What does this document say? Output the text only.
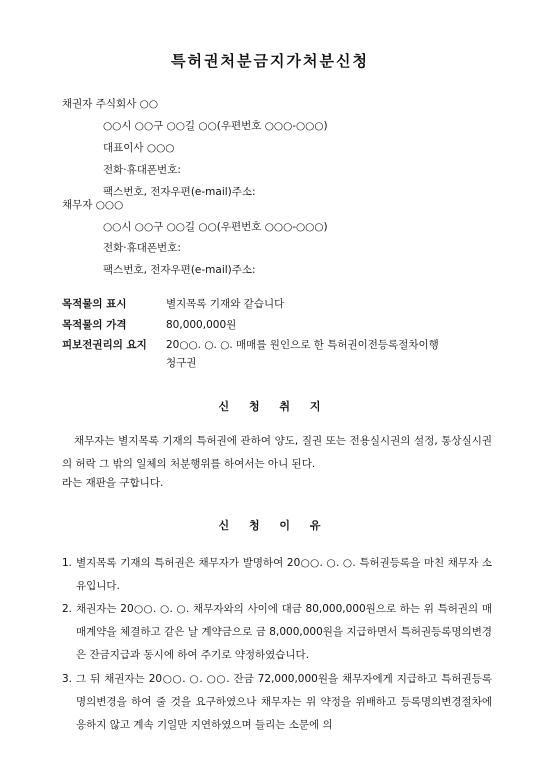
특허권처분금지가처분신청
채권자 주식회사 ○○
○○시 ○○구 ○○길 ○○(우편번호 ○○○-○○○)
대표이사 ○○○
전화·휴대폰번호:
팩스번호, 전자우편(e-mail)주소:
채무자 ○○○
○○시 ○○구 ○○길 ○○(우편번호 ○○○-○○○)
전화·휴대폰번호:
팩스번호, 전자우편(e-mail)주소:
목적물의 표시	별지목록 기재와 같습니다
목적물의 가격	80,000,000원
피보전권리의 요지 20○○. ○. ○. 매매를 원인으로 한 특허권이전등록절차이행
청구권
신 청 취 지
채무자는 별지목록 기재의 특허권에 관하여 양도, 질권 또는 전용실시권의 설정, 통상실시권의 허락 그 밖의 일체의 처분행위를 하여서는 아니 된다.
라는 재판을 구합니다.
신 청 이 유
1. 별지목록 기재의 특허권은 채무자가 발명하여 20○○. ○. ○. 특허권등록을 마친 채무자 소유입니다.
2. 채권자는 20○○. ○. ○. 채무자와의 사이에 대금 80,000,000원으로 하는 위 특허권의 매매계약을 체결하고 같은 날 계약금으로 금 8,000,000원을 지급하면서 특허권등록명의변경은 잔금지급과 동시에 하여 주기로 약정하였습니다.
3. 그 뒤 채권자는 20○○. ○. ○○. 잔금 72,000,000원을 채무자에게 지급하고 특허권등록명의변경을 하여 줄 것을 요구하였으나 채무자는 위 약정을 위배하고 등록명의변경절차에 응하지 않고 계속 기일만 지연하였으며 들리는 소문에 의
